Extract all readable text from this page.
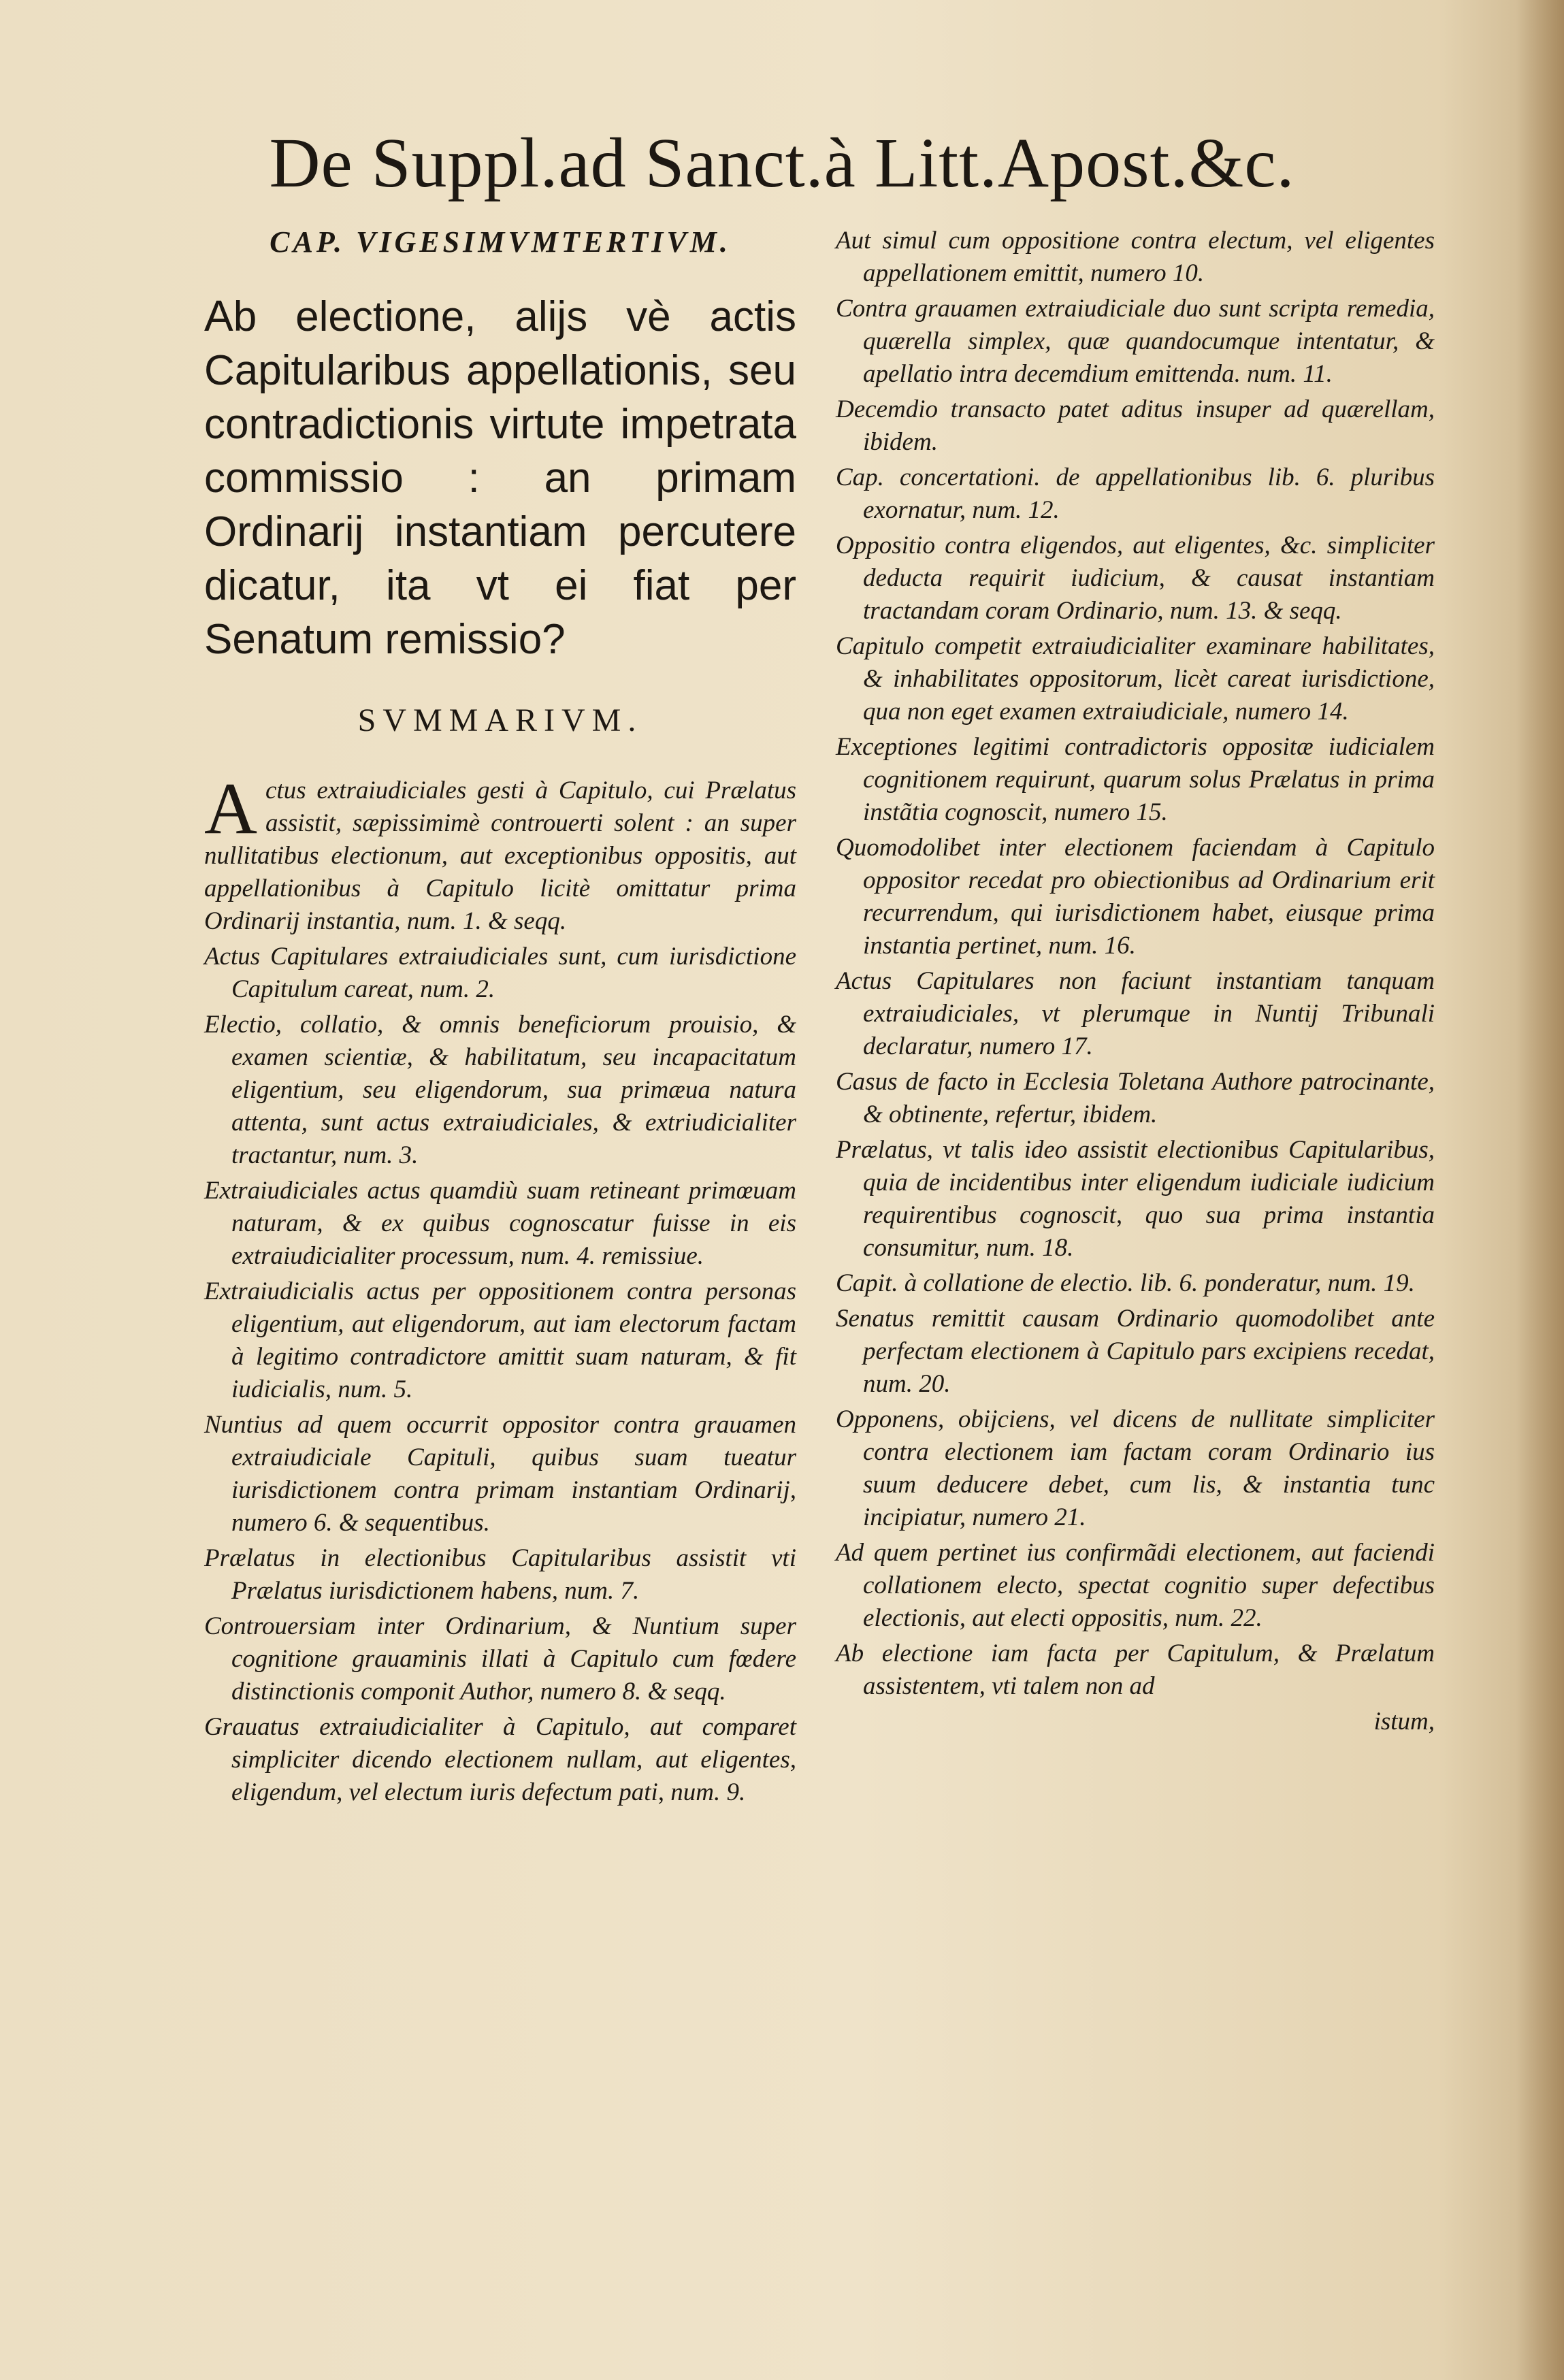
De Suppl.ad Sanct.à Litt.Apost.&c.
CAP. VIGESIMVMTERTIVM.

Ab electione, alijs vè actis Capitularibus appellationis, seu contradictionis virtute impetrata commissio : an primam Ordinarij instantiam percutere dicatur, ita vt ei fiat per Senatum remissio?

SVMMARIVM.
Actus extraiudiciales gesti à Capitulo, cui Prælatus assistit, sæpissimimè controuerti solent : an super nullitatibus electionum, aut exceptionibus oppositis, aut appellationibus à Capitulo licitè omittatur prima Ordinarij instantia, num. 1. & seqq.
Actus Capitulares extraiudiciales sunt, cum iurisdictione Capitulum careat, num. 2.
Electio, collatio, & omnis beneficiorum prouisio, & examen scientiæ, & habilitatum, seu incapacitatum eligentium, seu eligendorum, sua primæua natura attenta, sunt actus extraiudiciales, & extriudicialiter tractantur, num. 3.
Extraiudiciales actus quamdiù suam retineant primœuam naturam, & ex quibus cognoscatur fuisse in eis extraiudicialiter processum, num. 4. remissiue.
Extraiudicialis actus per oppositionem contra personas eligentium, aut eligendorum, aut iam electorum factam à legitimo contradictore amittit suam naturam, & fit iudicialis, num. 5.
Nuntius ad quem occurrit oppositor contra grauamen extraiudiciale Capituli, quibus suam tueatur iurisdictionem contra primam instantiam Ordinarij, numero 6. & sequentibus.
Prælatus in electionibus Capitularibus assistit vti Prælatus iurisdictionem habens, num. 7.
Controuersiam inter Ordinarium, & Nuntium super cognitione grauaminis illati à Capitulo cum fœdere distinctionis componit Author, numero 8. & seqq.
Grauatus extraiudicialiter à Capitulo, aut comparet simpliciter dicendo electionem nullam, aut eligentes, eligendum, vel electum iuris defectum pati, num. 9.
Aut simul cum oppositione contra electum, vel eligentes appellationem emittit, numero 10.
Contra grauamen extraiudiciale duo sunt scripta remedia, quærella simplex, quæ quandocumque intentatur, & apellatio intra decemdium emittenda. num. 11.
Decemdio transacto patet aditus insuper ad quærellam, ibidem.
Cap. concertationi. de appellationibus lib. 6. pluribus exornatur, num. 12.
Oppositio contra eligendos, aut eligentes, &c. simpliciter deducta requirit iudicium, & causat instantiam tractandam coram Ordinario, num. 13. & seqq.
Capitulo competit extraiudicialiter examinare habilitates, & inhabilitates oppositorum, licèt careat iurisdictione, qua non eget examen extraiudiciale, numero 14.
Exceptiones legitimi contradictoris oppositæ iudicialem cognitionem requirunt, quarum solus Prælatus in prima instãtia cognoscit, numero 15.
Quomodolibet inter electionem faciendam à Capitulo oppositor recedat pro obiectionibus ad Ordinarium erit recurrendum, qui iurisdictionem habet, eiusque prima instantia pertinet, num. 16.
Actus Capitulares non faciunt instantiam tanquam extraiudiciales, vt plerumque in Nuntij Tribunali declaratur, numero 17.
Casus de facto in Ecclesia Toletana Authore patrocinante, & obtinente, refertur, ibidem.
Prælatus, vt talis ideo assistit electionibus Capitularibus, quia de incidentibus inter eligendum iudiciale iudicium requirentibus cognoscit, quo sua prima instantia consumitur, num. 18.
Capit. à collatione de electio. lib. 6. ponderatur, num. 19.
Senatus remittit causam Ordinario quomodolibet ante perfectam electionem à Capitulo pars excipiens recedat, num. 20.
Opponens, obijciens, vel dicens de nullitate simpliciter contra electionem iam factam coram Ordinario ius suum deducere debet, cum lis, & instantia tunc incipiatur, numero 21.
Ad quem pertinet ius confirmãdi electionem, aut faciendi collationem electo, spectat cognitio super defectibus electionis, aut electi oppositis, num. 22.
Ab electione iam facta per Capitulum, & Prælatum assistentem, vti talem non ad
istum,
